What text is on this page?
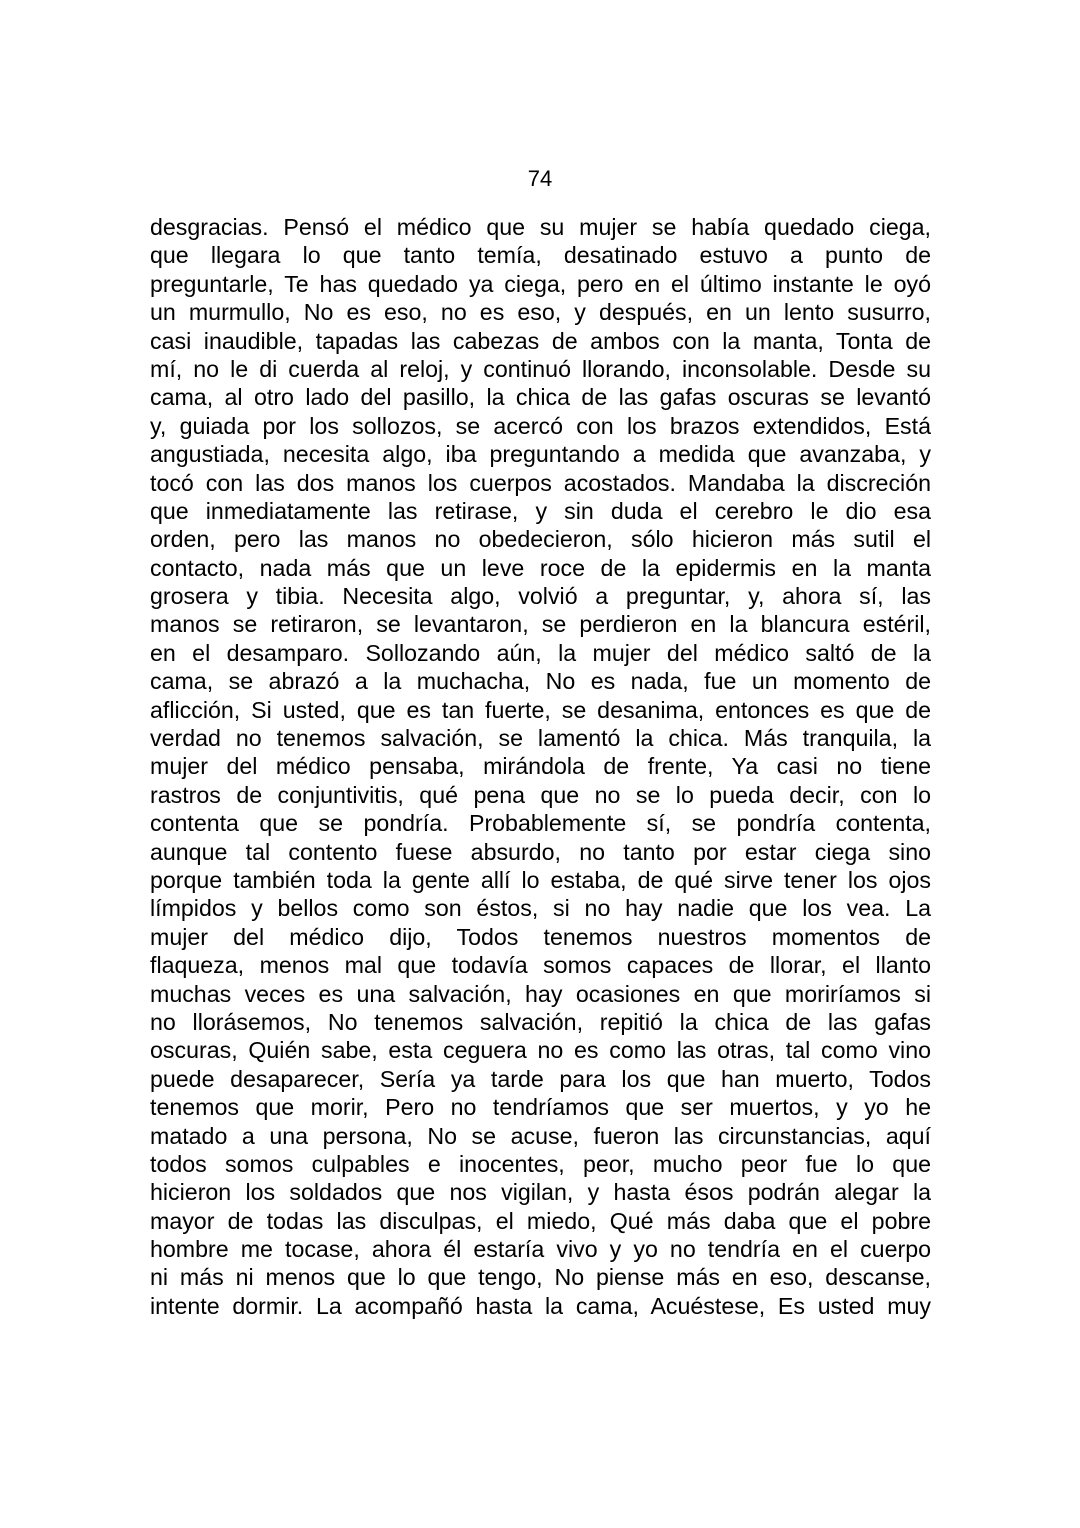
74
desgracias. Pensó el médico que su mujer se había quedado ciega,
que llegara lo que tanto temía, desatinado estuvo a punto de
preguntarle, Te has quedado ya ciega, pero en el último instante le oyó
un murmullo, No es eso, no es eso, y después, en un lento susurro,
casi inaudible, tapadas las cabezas de ambos con la manta, Tonta de
mí, no le di cuerda al reloj, y continuó llorando, inconsolable. Desde su
cama, al otro lado del pasillo, la chica de las gafas oscuras se levantó
y, guiada por los sollozos, se acercó con los brazos extendidos, Está
angustiada, necesita algo, iba preguntando a medida que avanzaba, y
tocó con las dos manos los cuerpos acostados. Mandaba la discreción
que inmediatamente las retirase, y sin duda el cerebro le dio esa
orden, pero las manos no obedecieron, sólo hicieron más sutil el
contacto, nada más que un leve roce de la epidermis en la manta
grosera y tibia. Necesita algo, volvió a preguntar, y, ahora sí, las
manos se retiraron, se levantaron, se perdieron en la blancura estéril,
en el desamparo. Sollozando aún, la mujer del médico saltó de la
cama, se abrazó a la muchacha, No es nada, fue un momento de
aflicción, Si usted, que es tan fuerte, se desanima, entonces es que de
verdad no tenemos salvación, se lamentó la chica. Más tranquila, la
mujer del médico pensaba, mirándola de frente, Ya casi no tiene
rastros de conjuntivitis, qué pena que no se lo pueda decir, con lo
contenta que se pondría. Probablemente sí, se pondría contenta,
aunque tal contento fuese absurdo, no tanto por estar ciega sino
porque también toda la gente allí lo estaba, de qué sirve tener los ojos
límpidos y bellos como son éstos, si no hay nadie que los vea. La
mujer del médico dijo, Todos tenemos nuestros momentos de
flaqueza, menos mal que todavía somos capaces de llorar, el llanto
muchas veces es una salvación, hay ocasiones en que moriríamos si
no llorásemos, No tenemos salvación, repitió la chica de las gafas
oscuras, Quién sabe, esta ceguera no es como las otras, tal como vino
puede desaparecer, Sería ya tarde para los que han muerto, Todos
tenemos que morir, Pero no tendríamos que ser muertos, y yo he
matado a una persona, No se acuse, fueron las circunstancias, aquí
todos somos culpables e inocentes, peor, mucho peor fue lo que
hicieron los soldados que nos vigilan, y hasta ésos podrán alegar la
mayor de todas las disculpas, el miedo, Qué más daba que el pobre
hombre me tocase, ahora él estaría vivo y yo no tendría en el cuerpo
ni más ni menos que lo que tengo, No piense más en eso, descanse,
intente dormir. La acompañó hasta la cama, Acuéstese, Es usted muy
